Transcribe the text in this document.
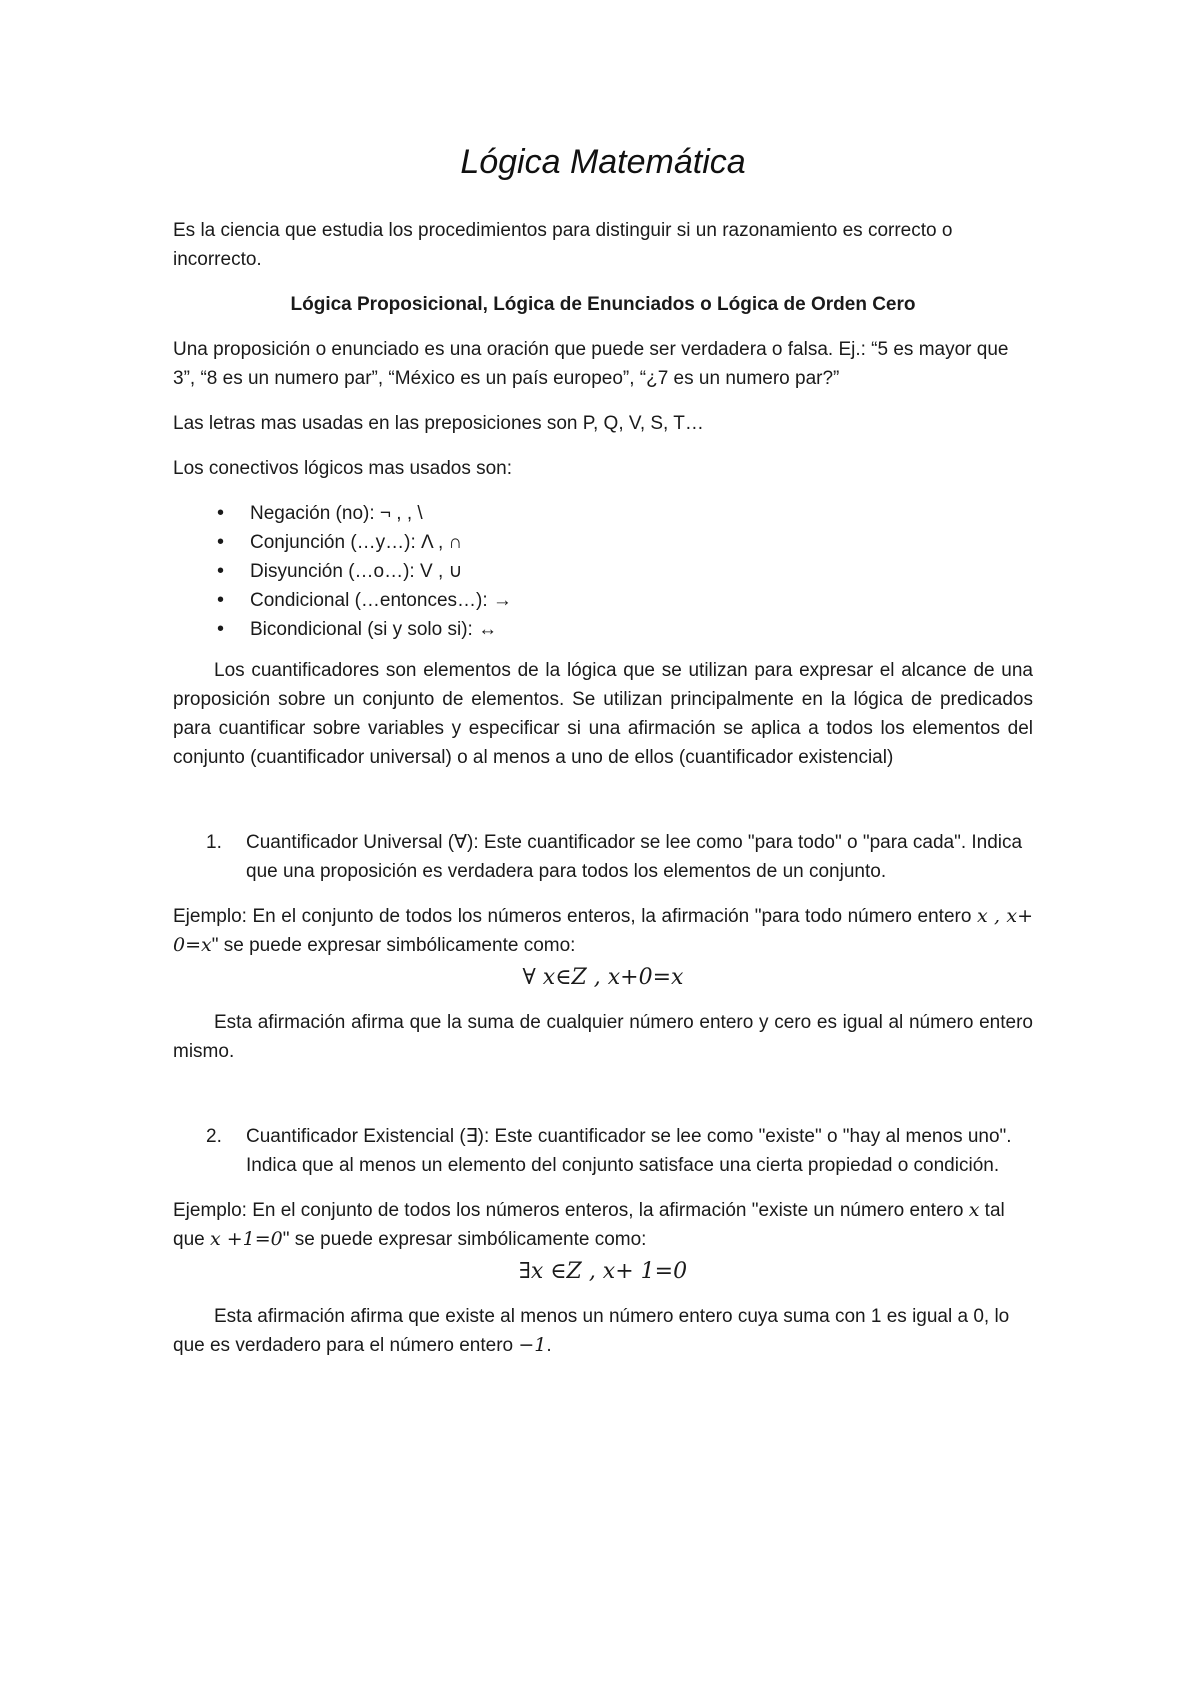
Lógica Matemática

Es la ciencia que estudia los procedimientos para distinguir si un razonamiento es correcto o incorrecto.

Lógica Proposicional, Lógica de Enunciados o Lógica de Orden Cero

Una proposición o enunciado es una oración que puede ser verdadera o falsa. Ej.: “5 es mayor que 3”, “8 es un numero par”, “México es un país europeo”, “¿7 es un numero par?”

Las letras mas usadas en las preposiciones son P, Q, V, S, T…

Los conectivos lógicos mas usados son:

• Negación (no): ¬ , , \
• Conjunción (…y…): Λ , ∩
• Disyunción (…o…): V , ∪
• Condicional (…entonces…): →
• Bicondicional (si y solo si): ↔

Los cuantificadores son elementos de la lógica que se utilizan para expresar el alcance de una proposición sobre un conjunto de elementos. Se utilizan principalmente en la lógica de predicados para cuantificar sobre variables y especificar si una afirmación se aplica a todos los elementos del conjunto (cuantificador universal) o al menos a uno de ellos (cuantificador existencial)

1. Cuantificador Universal (∀): Este cuantificador se lee como "para todo" o "para cada". Indica que una proposición es verdadera para todos los elementos de un conjunto.

Ejemplo: En el conjunto de todos los números enteros, la afirmación "para todo número entero x , x+ 0=x" se puede expresar simbólicamente como:

∀ x∈Z , x+0=x

Esta afirmación afirma que la suma de cualquier número entero y cero es igual al número entero mismo.

2. Cuantificador Existencial (∃): Este cuantificador se lee como "existe" o "hay al menos uno". Indica que al menos un elemento del conjunto satisface una cierta propiedad o condición.

Ejemplo: En el conjunto de todos los números enteros, la afirmación "existe un número entero x tal que x +1=0" se puede expresar simbólicamente como:

∃x ∈Z , x+ 1=0

Esta afirmación afirma que existe al menos un número entero cuya suma con 1 es igual a 0, lo que es verdadero para el número entero −1.
